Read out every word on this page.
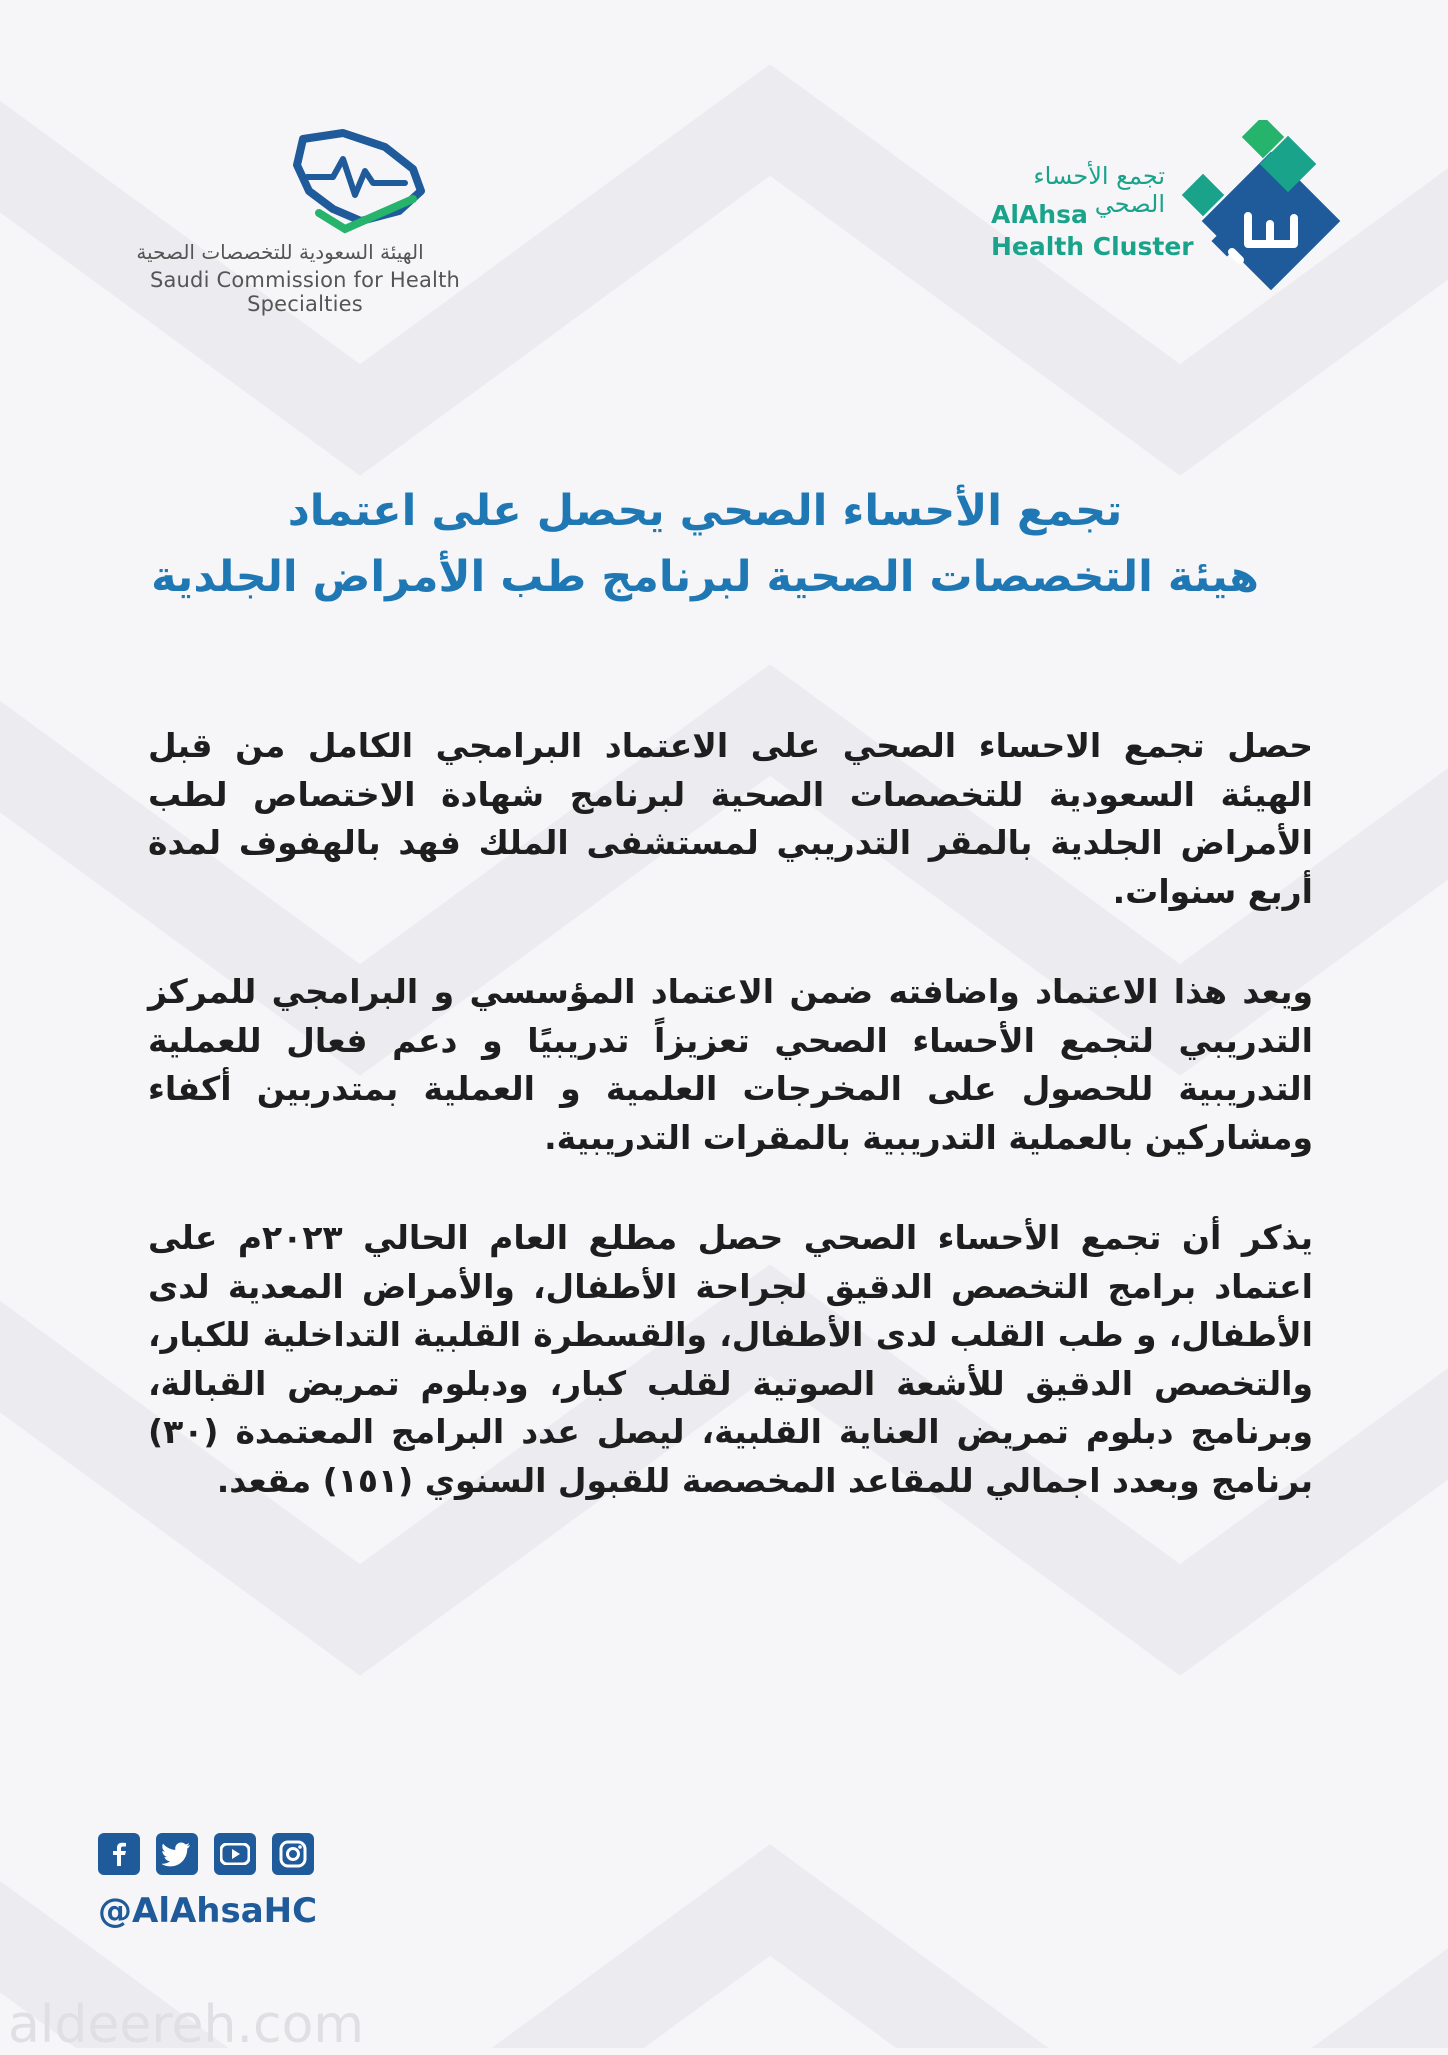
الهيئة السعودية للتخصصات الصحية
Saudi Commission for Health Specialties
تجمع الأحساء الصحي
AlAhsa
Health Cluster
تجمع الأحساء الصحي يحصل على اعتماد
هيئة التخصصات الصحية لبرنامج طب الأمراض الجلدية

حصل تجمع الاحساء الصحي على الاعتماد البرامجي الكامل من قبل الهيئة السعودية للتخصصات الصحية لبرنامج شهادة الاختصاص لطب الأمراض الجلدية بالمقر التدريبي لمستشفى الملك فهد بالهفوف لمدة أربع سنوات.

ويعد هذا الاعتماد واضافته ضمن الاعتماد المؤسسي و البرامجي للمركز التدريبي لتجمع الأحساء الصحي تعزيزاً تدريبيًا و دعم فعال للعملية التدريبية للحصول على المخرجات العلمية و العملية بمتدربين أكفاء ومشاركين بالعملية التدريبية بالمقرات التدريبية.

يذكر أن تجمع الأحساء الصحي حصل مطلع العام الحالي ٢٠٢٣م على اعتماد برامج التخصص الدقيق لجراحة الأطفال، والأمراض المعدية لدى الأطفال، و طب القلب لدى الأطفال، والقسطرة القلبية التداخلية للكبار، والتخصص الدقيق للأشعة الصوتية لقلب كبار، ودبلوم تمريض القبالة، وبرنامج دبلوم تمريض العناية القلبية، ليصل عدد البرامج المعتمدة (٣٠) برنامج وبعدد اجمالي للمقاعد المخصصة للقبول السنوي (١٥١) مقعد.

@AlAhsaHC
aldeereh.com
